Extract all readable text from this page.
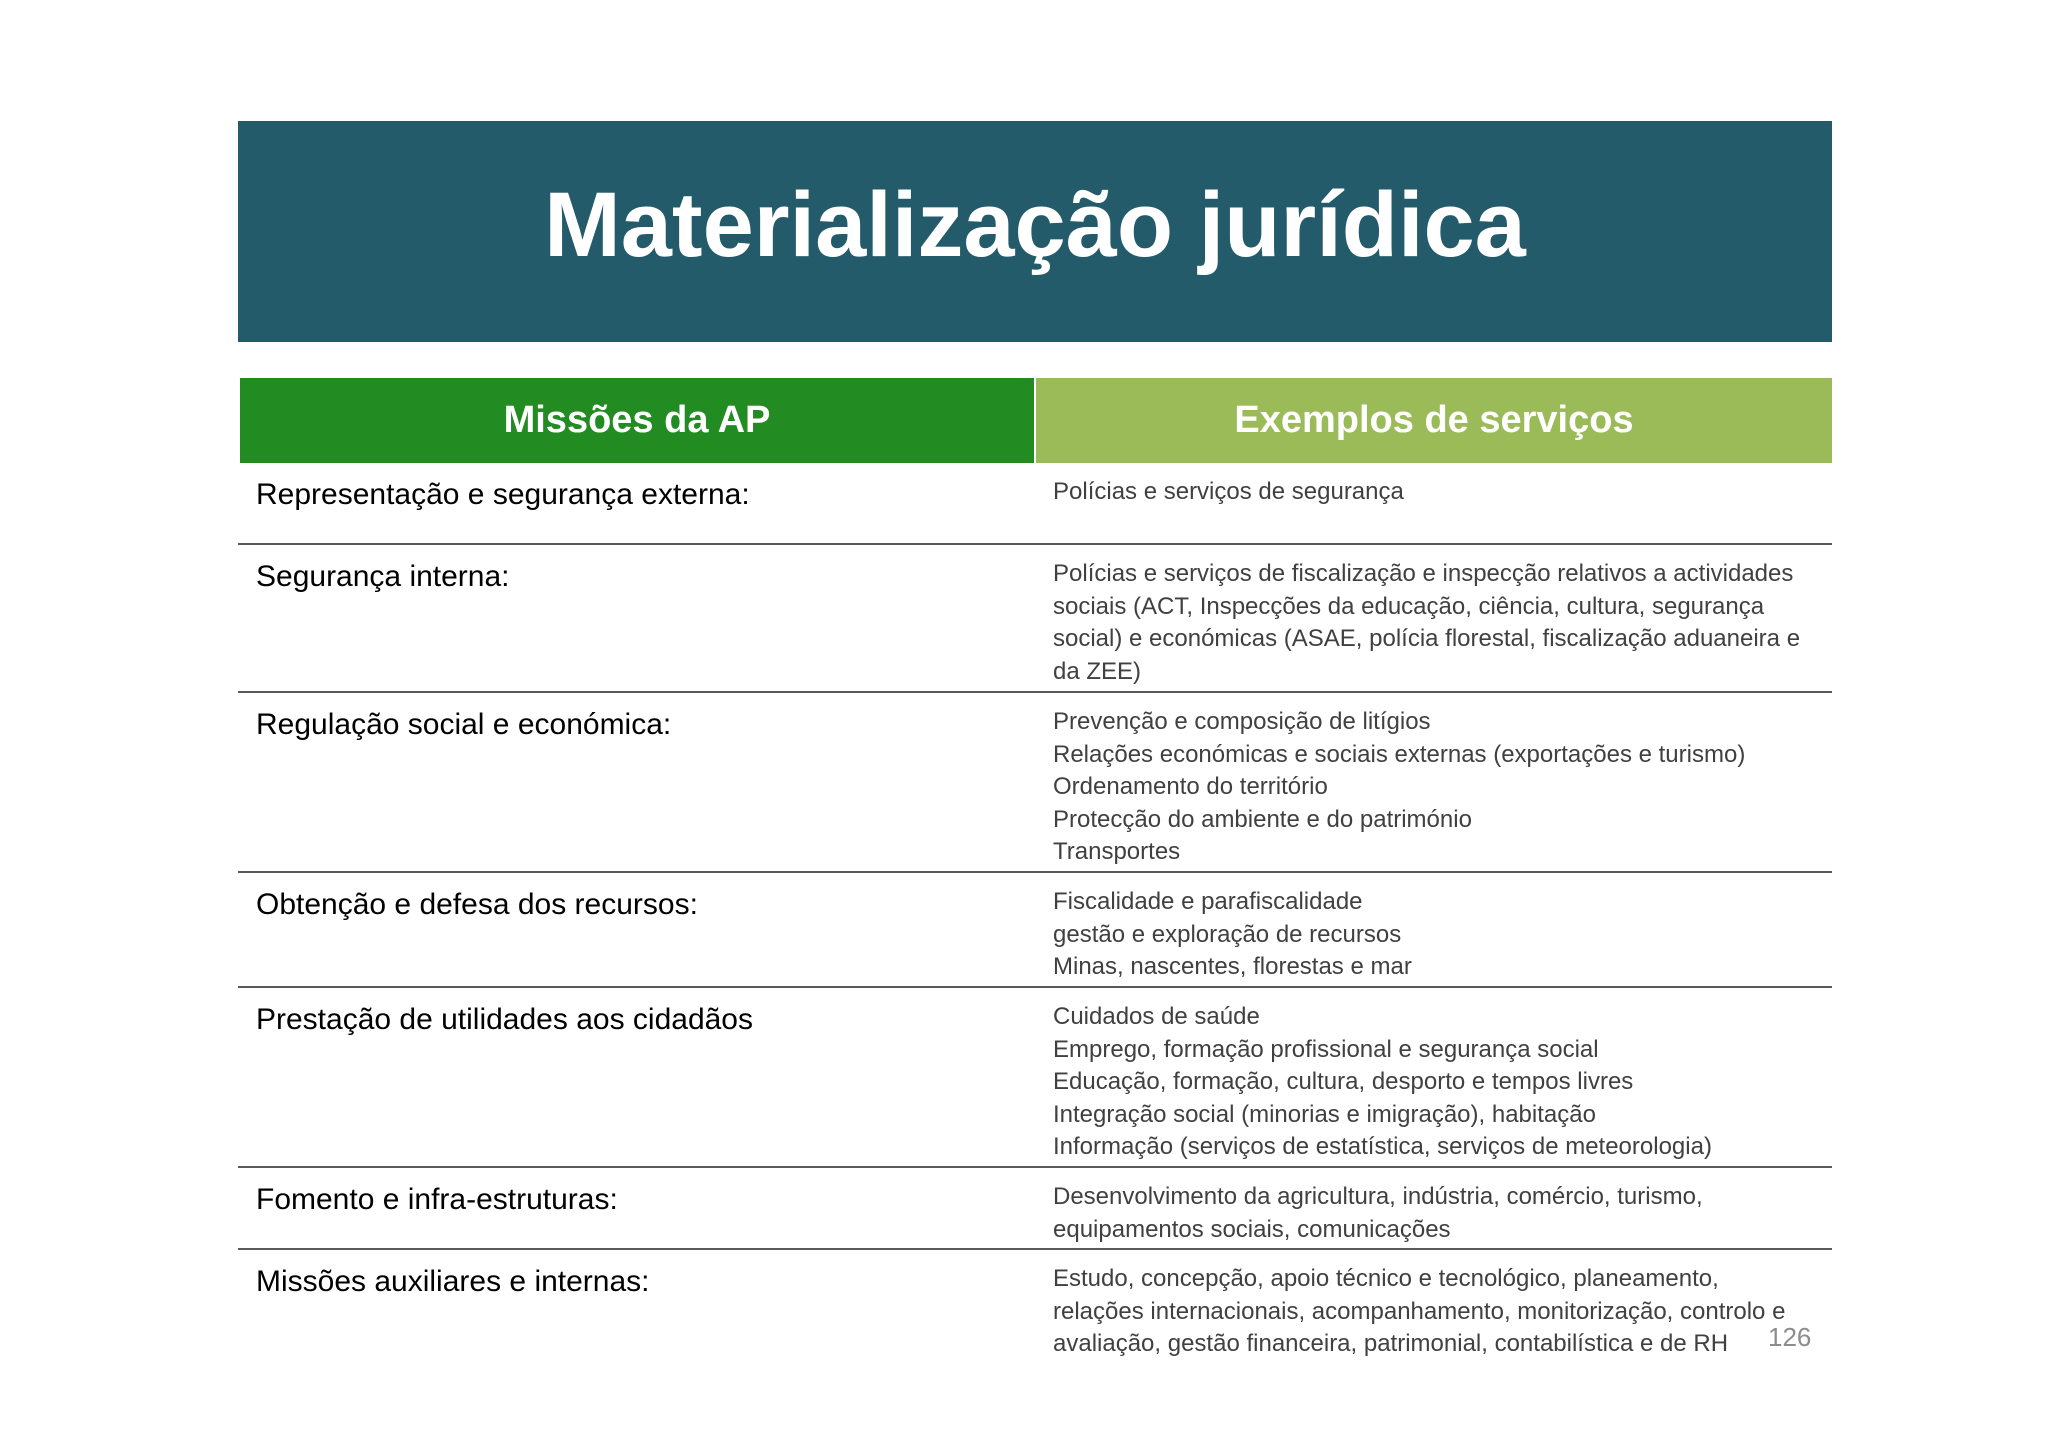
Materialização jurídica
Missões da AP	Exemplos de serviços
Representação e segurança externa:	Polícias e serviços de segurança
Segurança interna:	Polícias e serviços de fiscalização e inspecção relativos a actividades
sociais (ACT, Inspecções da educação, ciência, cultura, segurança
social) e económicas (ASAE, polícia florestal, fiscalização aduaneira e
da ZEE)
Regulação social e económica:	Prevenção e composição de litígios
Relações económicas e sociais externas (exportações e turismo)
Ordenamento do território
Protecção do ambiente e do património
Transportes
Obtenção e defesa dos recursos:	Fiscalidade e parafiscalidade
gestão e exploração de recursos
Minas, nascentes, florestas e mar
Prestação de utilidades aos cidadãos	Cuidados de saúde
Emprego, formação profissional e segurança social
Educação, formação, cultura, desporto e tempos livres
Integração social (minorias e imigração), habitação
Informação (serviços de estatística, serviços de meteorologia)
Fomento e infra-estruturas:	Desenvolvimento da agricultura, indústria, comércio, turismo,
equipamentos sociais, comunicações
Missões auxiliares e internas:	Estudo, concepção, apoio técnico e tecnológico, planeamento,
relações internacionais, acompanhamento, monitorização, controlo e
avaliação, gestão financeira, patrimonial, contabilística e de RH	126
